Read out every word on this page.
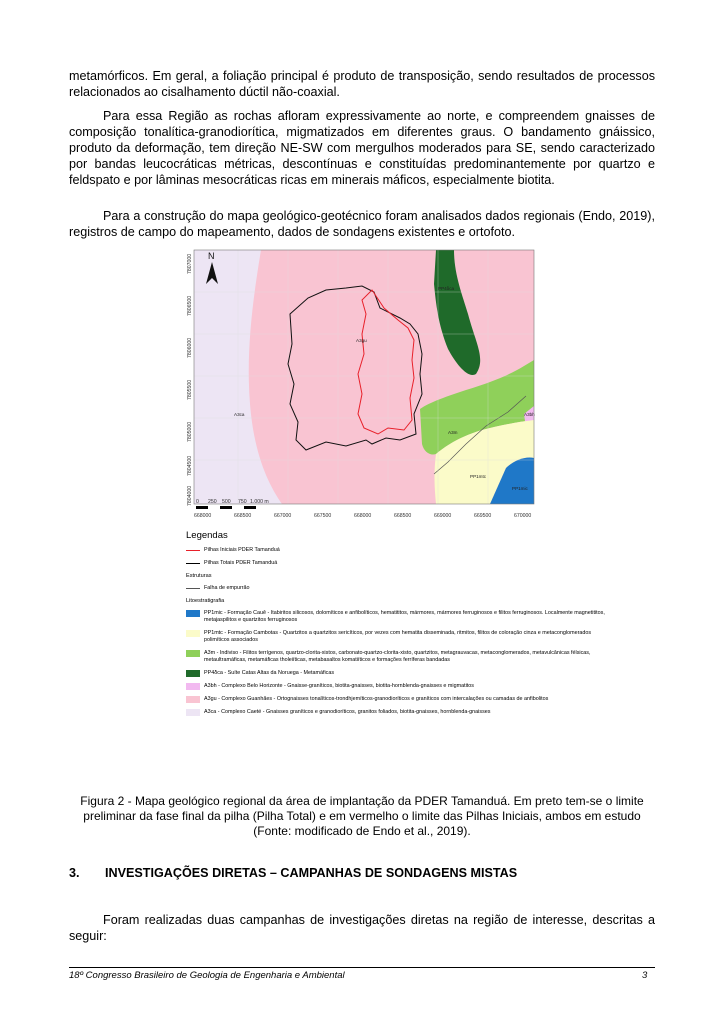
metamórficos. Em geral, a foliação principal é produto de transposição, sendo resultados de processos relacionados ao cisalhamento dúctil não-coaxial.

Para essa Região as rochas afloram expressivamente ao norte, e compreendem gnaisses de composição tonalítica-granodiorítica, migmatizados em diferentes graus. O bandamento gnáissico, produto da deformação, tem direção NE-SW com mergulhos moderados para SE, sendo caracterizado por bandas leucocráticas métricas, descontínuas e constituídas predominantemente por quartzo e feldspato e por lâminas mesocráticas ricas em minerais máficos, especialmente biotita.

Para a construção do mapa geológico-geotécnico foram analisados dados regionais (Endo, 2019), registros de campo do mapeamento, dados de sondagens existentes e ortofoto.

N
A3ca
A3gu
A3m
A3bh
PP1mtc
PP1mic
PP4δca
0 250 500 750 1.000 m
668000	668500	667000	667500	668000	668500	669000	669500	670000
7807000
7806500
7806000
7805500
7805000
7804500
7804000

Legendas

Pilhas Iniciais PDER Tamanduá
Pilhas Totais PDER Tamanduá

Estruturas

Falha de empurrão

Litoestratigrafia

PP1mic - Formação Cauê - Itabiritos silicosos, dolomíticos e anfibolíticos, hematititos, mármores, mármores ferruginosos e filitos ferruginosos. Localmente magnetititos, metajaspilitos e quartzitos ferruginosos
PP1mtc - Formação Cambotas - Quartzitos a quartzitos sericíticos, por vezes com hematita disseminada, ritmitos, filitos de coloração cinza e metaconglomerados polimíticos associados
A3m - Indiviso - Filitos terrígenos, quartzo-clorita-xistos, carbonato-quartzo-clorita-xisto, quartzitos, metagrauvacas, metaconglomerados, metavulcânicas félsicas, metaultramáficas, metamáficas tholeiíticas, metabasaltos komatiíticos e formações ferríferas bandadas
PP4δca - Suíte Catas Altas da Noruega - Metamáficas
A3bh - Complexo Belo Horizonte - Gnaisse-graníticos, biotita-gnaisses, biotita-hornblenda-gnaisses e migmatitos
A3gu - Complexo Guanhães - Ortognaisses tonalíticos-trondhjemíticos-granodioríticos e graníticos com intercalações ou camadas de anfibolitos
A3ca - Complexo Caeté - Gnaisses graníticos e granodioríticos, granitos foliados, biotita-gnaisses, hornblenda-gnaisses

Figura 2 - Mapa geológico regional da área de implantação da PDER Tamanduá. Em preto tem-se o limite preliminar da fase final da pilha (Pilha Total) e em vermelho o limite das Pilhas Iniciais, ambos em estudo (Fonte: modificado de Endo et al., 2019).

3. INVESTIGAÇÕES DIRETAS – CAMPANHAS DE SONDAGENS MISTAS

Foram realizadas duas campanhas de investigações diretas na região de interesse, descritas a seguir:

18º Congresso Brasileiro de Geologia de Engenharia e Ambiental	3
